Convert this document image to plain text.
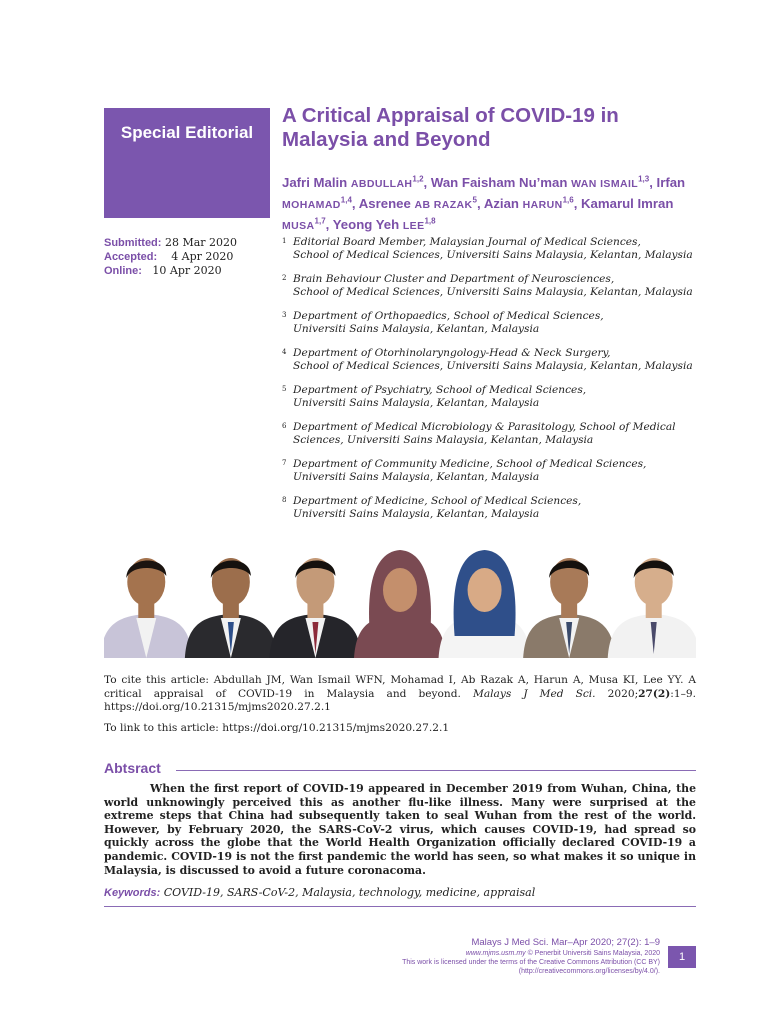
Special Editorial
A Critical Appraisal of COVID-19 in Malaysia and Beyond
Jafri Malin ABDULLAH$^{1,2}$, Wan Faisham Nu’man WAN ISMAIL$^{1,3}$, Irfan MOHAMAD$^{1,4}$, Asrenee AB RAZAK$^5$, Azian HARUN$^{1,6}$, Kamarul Imran MUSA$^{1,7}$, Yeong Yeh LEE$^{1,8}$
Submitted: 28 Mar 2020
Accepted: 4 Apr 2020
Online: 10 Apr 2020
1 Editorial Board Member, Malaysian Journal of Medical Sciences,
School of Medical Sciences, Universiti Sains Malaysia, Kelantan, Malaysia
2 Brain Behaviour Cluster and Department of Neurosciences,
School of Medical Sciences, Universiti Sains Malaysia, Kelantan, Malaysia
3 Department of Orthopaedics, School of Medical Sciences,
Universiti Sains Malaysia, Kelantan, Malaysia
4 Department of Otorhinolaryngology-Head & Neck Surgery,
School of Medical Sciences, Universiti Sains Malaysia, Kelantan, Malaysia
5 Department of Psychiatry, School of Medical Sciences,
Universiti Sains Malaysia, Kelantan, Malaysia
6 Department of Medical Microbiology & Parasitology, School of Medical
Sciences, Universiti Sains Malaysia, Kelantan, Malaysia
7 Department of Community Medicine, School of Medical Sciences,
Universiti Sains Malaysia, Kelantan, Malaysia
8 Department of Medicine, School of Medical Sciences,
Universiti Sains Malaysia, Kelantan, Malaysia
To cite this article: Abdullah JM, Wan Ismail WFN, Mohamad I, Ab Razak A, Harun A, Musa KI, Lee YY. A critical appraisal of COVID-19 in Malaysia and beyond. Malays J Med Sci. 2020;27(2):1–9. https://doi.org/10.21315/mjms2020.27.2.1
To link to this article: https://doi.org/10.21315/mjms2020.27.2.1
Abtsract
When the first report of COVID-19 appeared in December 2019 from Wuhan, China, the world unknowingly perceived this as another flu-like illness. Many were surprised at the extreme steps that China had subsequently taken to seal Wuhan from the rest of the world. However, by February 2020, the SARS-CoV-2 virus, which causes COVID-19, had spread so quickly across the globe that the World Health Organization officially declared COVID-19 a pandemic. COVID-19 is not the first pandemic the world has seen, so what makes it so unique in Malaysia, is discussed to avoid a future coronacoma.
Keywords: COVID-19, SARS-CoV-2, Malaysia, technology, medicine, appraisal
Malays J Med Sci. Mar–Apr 2020; 27(2): 1–9
www.mjms.usm.my © Penerbit Universiti Sains Malaysia, 2020
This work is licensed under the terms of the Creative Commons Attribution (CC BY)
(http://creativecommons.org/licenses/by/4.0/).
1
